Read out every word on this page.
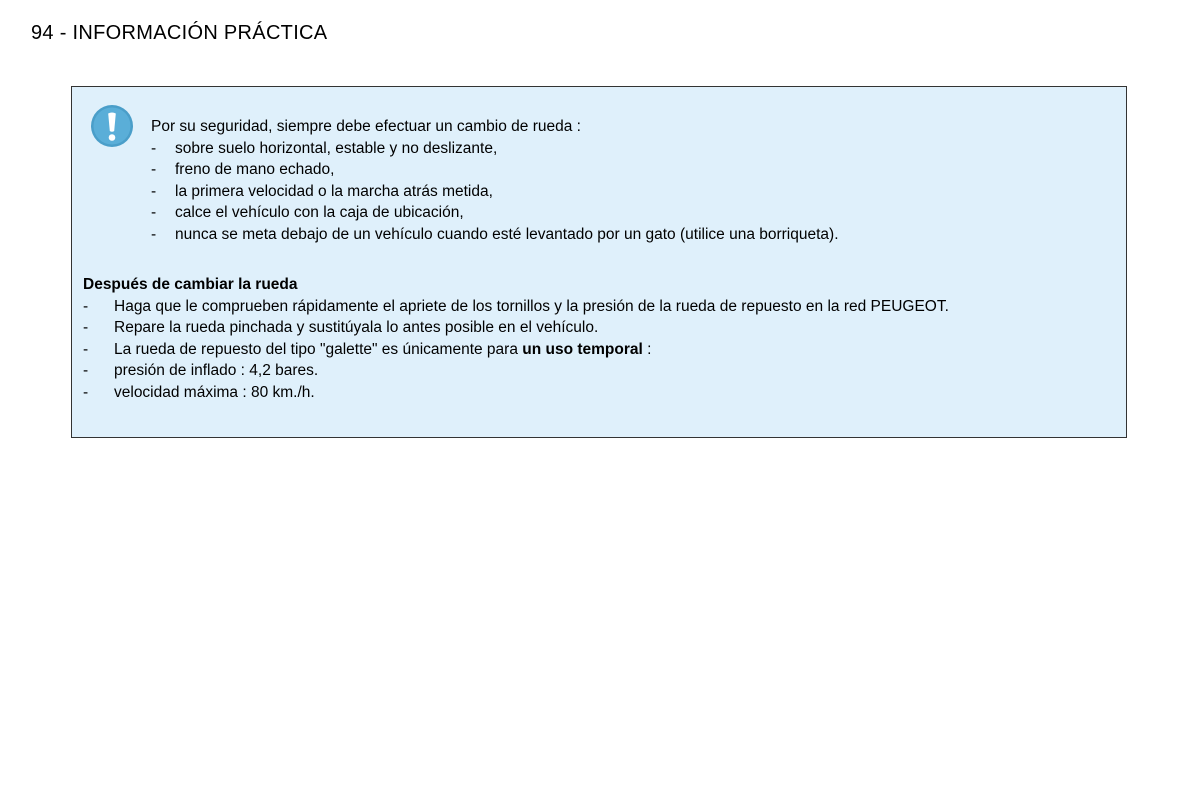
94 - INFORMACIÓN PRÁCTICA
Por su seguridad, siempre debe efectuar un cambio de rueda :
- sobre suelo horizontal, estable y no deslizante,
- freno de mano echado,
- la primera velocidad o la marcha atrás metida,
- calce el vehículo con la caja de ubicación,
- nunca se meta debajo de un vehículo cuando esté levantado por un gato (utilice una borriqueta).
Después de cambiar la rueda
- Haga que le comprueben rápidamente el apriete de los tornillos y la presión de la rueda de repuesto en la red PEUGEOT.
- Repare la rueda pinchada y sustitúyala lo antes posible en el vehículo.
- La rueda de repuesto del tipo "galette" es únicamente para un uso temporal :
- presión de inflado : 4,2 bares.
- velocidad máxima : 80 km./h.
